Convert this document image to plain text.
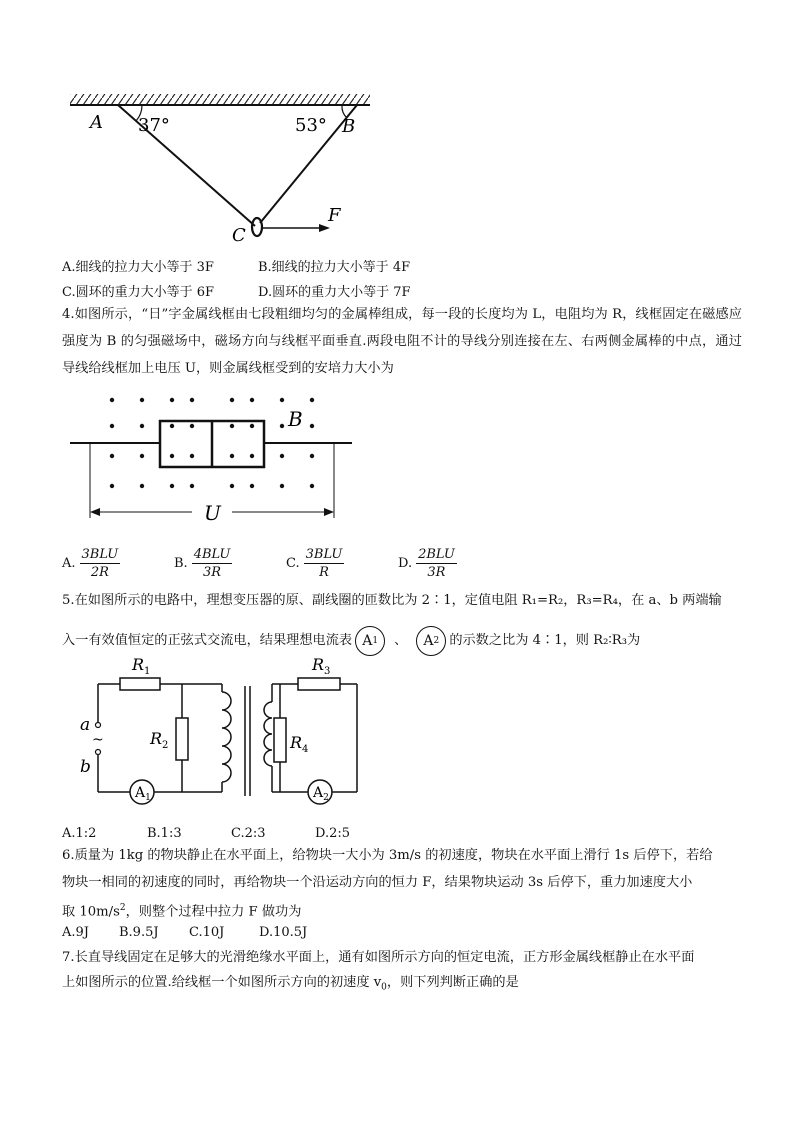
A 37°	53° B
C
F
A.细线的拉力大小等于 3F	B.细线的拉力大小等于 4F
C.圆环的重力大小等于 6F	D.圆环的重力大小等于 7F
4.如图所示，“日”字金属线框由七段粗细均匀的金属棒组成，每一段的长度均为 L，电阻均为 R，线框固定在磁感应强度为 B 的匀强磁场中，磁场方向与线框平面垂直.两段电阻不计的导线分别连接在左、右两侧金属棒的中点，通过导线给线框加上电压 U，则金属线框受到的安培力大小为
B
U
A. $\frac{\text{3BLU}}{2R}$	B. $\frac{\text{4BLU}}{3R}$	C. $\frac{\text{3BLU}}{R}$	D. $\frac{\text{2BLU}}{3R}$
5.在如图所示的电路中，理想变压器的原、副线圈的匝数比为 2∶1，定值电阻 R₁=R₂，R₃=R₄，在 a、b 两端输
入一有效值恒定的正弦式交流电，结果理想电流表 A 1 、 A 2 的示数之比为 4∶1，则 R₂∶R₃为
$R_1$
$R_2$
$R_3$
$R_4$
a
~
b
$A_1$	$A_2$
A.1:2	B.1:3	C.2:3	D.2:5
6.质量为 1kg 的物块静止在水平面上，给物块一大小为 3m/s 的初速度，物块在水平面上滑行 1s 后停下，若给
物块一相同的初速度的同时，再给物块一个沿运动方向的恒力 F，结果物块运动 3s 后停下，重力加速度大小
取 $10m/s^2$，则整个过程中拉力 F 做功为
A.9J B.9.5J C.10J	D.10.5J
7.长直导线固定在足够大的光滑绝缘水平面上，通有如图所示方向的恒定电流，正方形金属线框静止在水平面
上如图所示的位置.给线框一个如图所示方向的初速度 $v_0$，则下列判断正确的是
